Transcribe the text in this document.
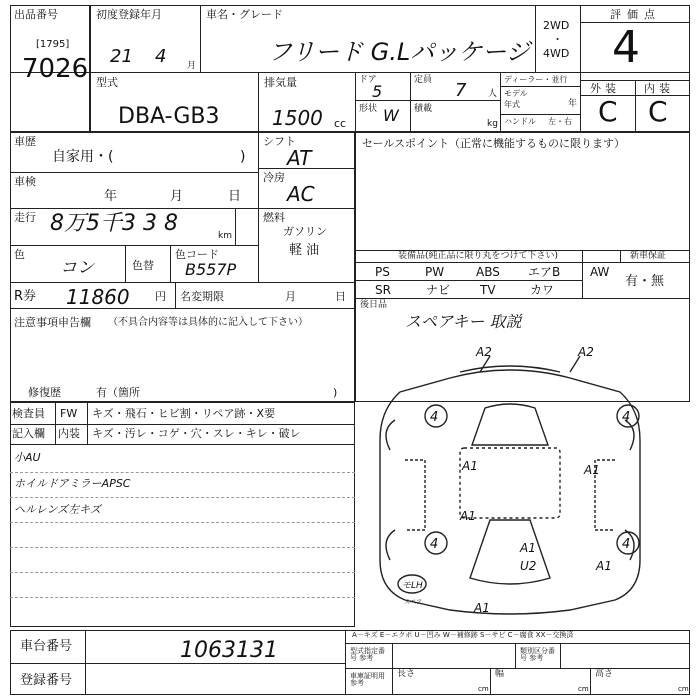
出品番号
[1795]
7026
初度登録年月
21 4 月
車名・グレード
フリード G.Lパッケージ
2WD
・
4WD
評価点
4
型式
DBA-GB3
排気量
1500 cc
ドア
5
定員 7 人
形状 W 積載
kg
ディーラー・並行
モデル
年式	年
ハンドル 左・右
外装 内装
C C
車歴
自家用・(	)
車検
年	月	日
走行 8万5千3 3 8	km
色
コン	色替
色コード
B557P
シフト
AT
冷房
AC
燃料
ガソリン
軽 油
R券 11860 円 名変期限	月	日
注意事項申告欄 （不具合内容等は具体的に記入して下さい）
修復歴	有（箇所	)
セールスポイント（正常に機能するものに限ります）
装備品(純正品に限り丸をつけて下さい)	新車保証
有・無
PS	PW	ABS エアB AW
SR	ナビ TV	カワ
後日品
スペアキー 取説
検査員
記入欄
FW キズ・飛石・ヒビ割・リペア跡・X要
内装 キズ・汚レ・コゲ・穴・スレ・キレ・破レ
小AU
ホイルドアミラーAPSC
ヘルレンズ左キズ
A2	A2
4	4
A1	A1
A1
A1
4	4
A1
U2
A1
モLH
スペア
車台番号	1063131
登録番号
A－キズ E－エクボ U－凹み W－補修跡 S－サビ C－腐食 XX－交換済
型式指定番号 参考
類別区分番号 参考
車庫証明用 参考
長さ
cm
幅
cm
高さ
cm
